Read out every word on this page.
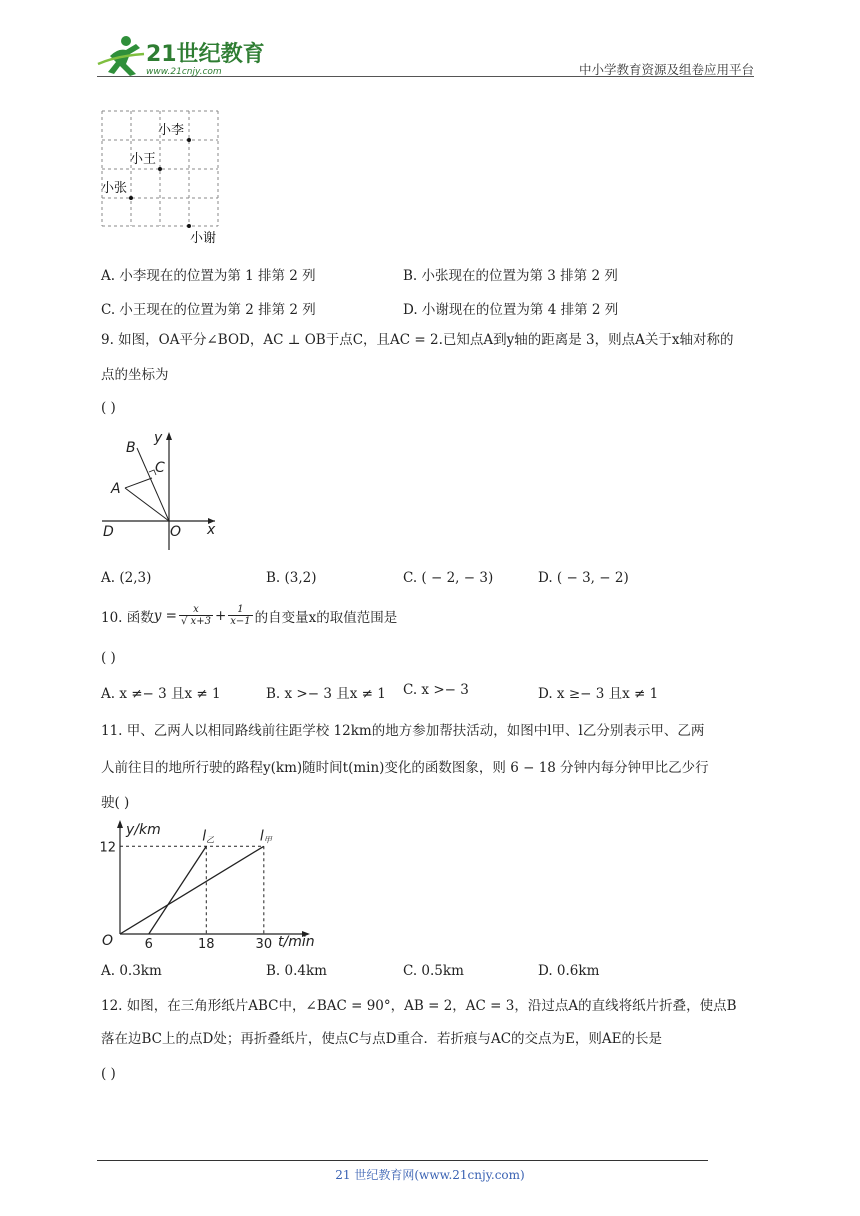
21世纪教育
www.21cnjy.com	中小学教育资源及组卷应用平台
小李
小王
小张
小谢
A. 小李现在的位置为第 1 排第 2 列	B. 小张现在的位置为第 3 排第 2 列
C. 小王现在的位置为第 2 排第 2 列	D. 小谢现在的位置为第 4 排第 2 列
9. 如图，OA平分∠BOD，AC ⊥ OB于点C，且AC = 2.已知点A到y轴的距离是 3，则点A关于x轴对称的
点的坐标为
( )
B
y
C
A
D	O x
A. (2,3)	B. (3,2)	C. ( − 2, − 3)	D. ( − 3, − 2)
10. 函数 $y = \frac{x}{√ x+3} + \frac{1}{x-1}$ 的自变量x的取值范围是
( )
A. x ≠− 3 且x ≠ 1	B. x >− 3 且x ≠ 1 C. x >− 3	D. x ≥− 3 且x ≠ 1
11. 甲、乙两人以相同路线前往距学校 12km的地方参加帮扶活动，如图中l甲、l乙分别表示甲、乙两
人前往目的地所行驶的路程y(km)随时间t(min)变化的函数图象，则 6 − 18 分钟内每分钟甲比乙少行
驶( )
y/km
t/min
l甲
l乙
O 6	18	30
12
A. 0.3km	B. 0.4km	C. 0.5km	D. 0.6km
12. 如图，在三角形纸片ABC中，∠BAC = 90°，AB = 2，AC = 3，沿过点A的直线将纸片折叠，使点B
落在边BC上的点D处；再折叠纸片，使点C与点D重合．若折痕与AC的交点为E，则AE的长是
( )
21 世纪教育网(www.21cnjy.com)
